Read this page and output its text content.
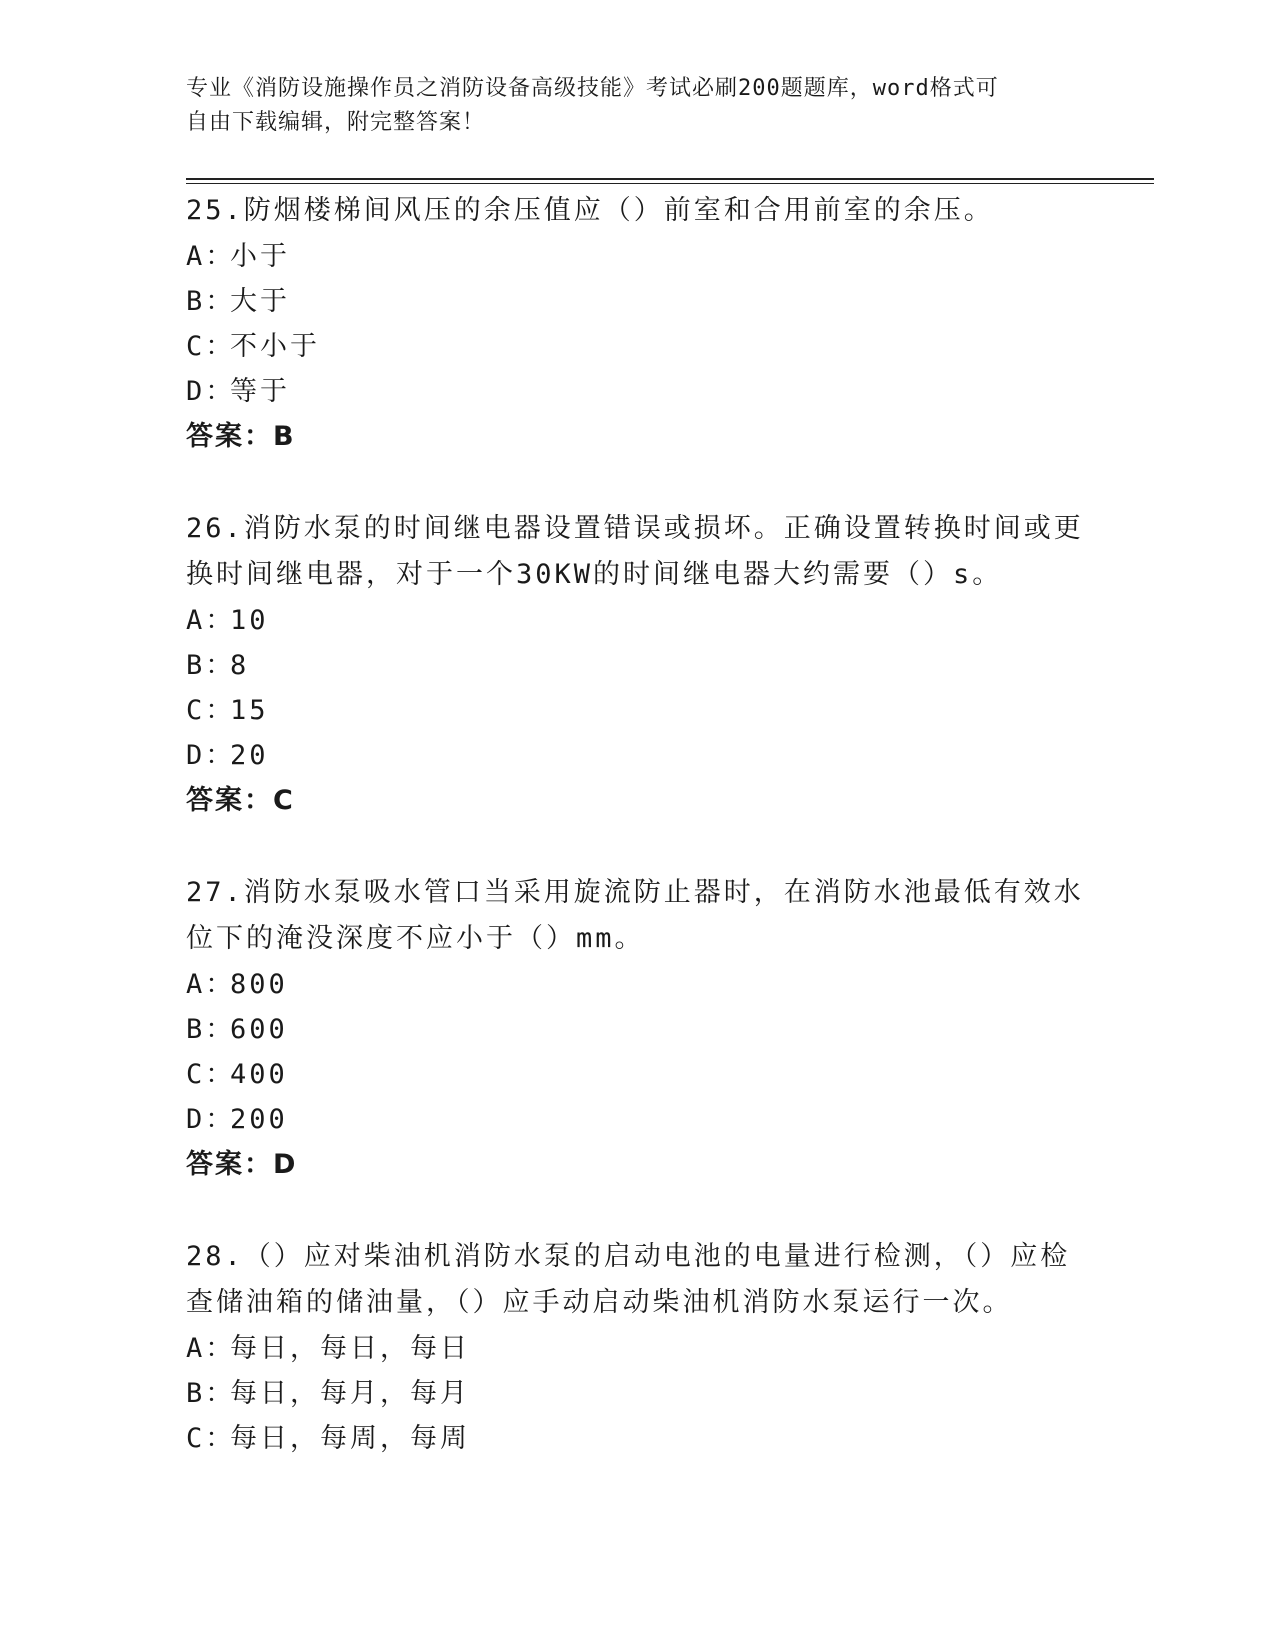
专业《消防设施操作员之消防设备高级技能》考试必刷200题题库，word格式可
自由下载编辑，附完整答案！
25.防烟楼梯间风压的余压值应（）前室和合用前室的余压。
A：小于
B：大于
C：不小于
D：等于
答案：B
26.消防水泵的时间继电器设置错误或损坏。正确设置转换时间或更换时间继电器，对于一个30KW的时间继电器大约需要（）s。
A：10
B：8
C：15
D：20
答案：C
27.消防水泵吸水管口当采用旋流防止器时，在消防水池最低有效水位下的淹没深度不应小于（）mm。
A：800
B：600
C：400
D：200
答案：D
28.（）应对柴油机消防水泵的启动电池的电量进行检测，（）应检查储油箱的储油量，（）应手动启动柴油机消防水泵运行一次。
A：每日，每日，每日
B：每日，每月，每月
C：每日，每周，每周
